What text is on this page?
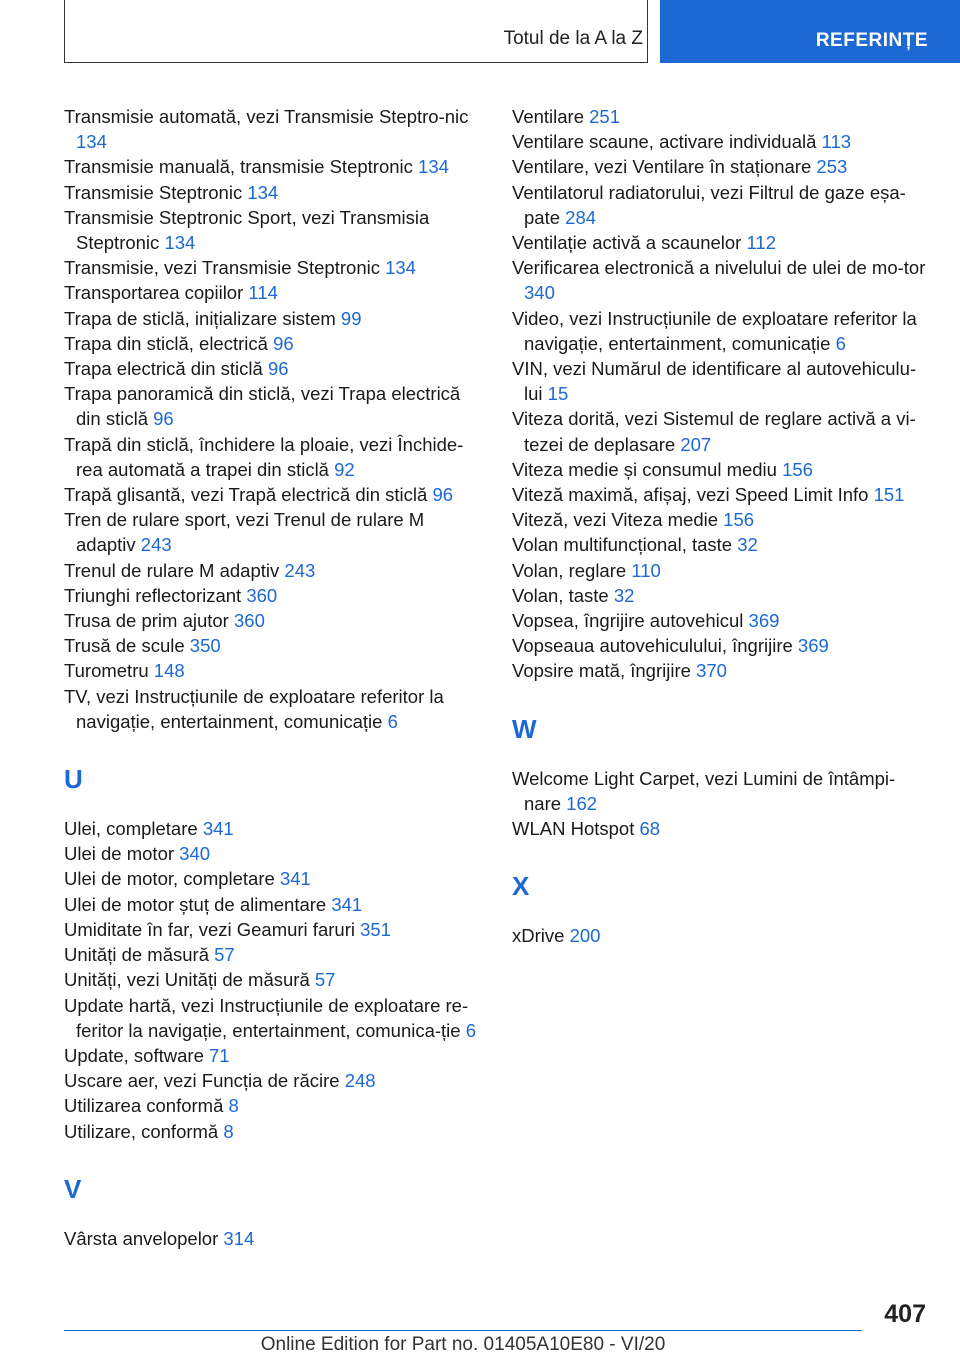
Totul de la A la Z	REFERINȚE
Transmisie automată, vezi Transmisie Steptro‐nic 134
Transmisie manuală, transmisie Steptronic 134
Transmisie Steptronic 134
Transmisie Steptronic Sport, vezi Transmisia Steptronic 134
Transmisie, vezi Transmisie Steptronic 134
Transportarea copiilor 114
Trapa de sticlă, inițializare sistem 99
Trapa din sticlă, electrică 96
Trapa electrică din sticlă 96
Trapa panoramică din sticlă, vezi Trapa electrică din sticlă 96
Trapă din sticlă, închidere la ploaie, vezi Închide‐rea automată a trapei din sticlă 92
Trapă glisantă, vezi Trapă electrică din sticlă 96
Tren de rulare sport, vezi Trenul de rulare M adaptiv 243
Trenul de rulare M adaptiv 243
Triunghi reflectorizant 360
Trusa de prim ajutor 360
Trusă de scule 350
Turometru 148
TV, vezi Instrucțiunile de exploatare referitor la navigație, entertainment, comunicație 6
U
Ulei, completare 341
Ulei de motor 340
Ulei de motor, completare 341
Ulei de motor ștuț de alimentare 341
Umiditate în far, vezi Geamuri faruri 351
Unități de măsură 57
Unități, vezi Unități de măsură 57
Update hartă, vezi Instrucțiunile de exploatare re‐feritor la navigație, entertainment, comunica‐ție 6
Update, software 71
Uscare aer, vezi Funcția de răcire 248
Utilizarea conformă 8
Utilizare, conformă 8
V
Vârsta anvelopelor 314
Ventilare 251
Ventilare scaune, activare individuală 113
Ventilare, vezi Ventilare în staționare 253
Ventilatorul radiatorului, vezi Filtrul de gaze eșa‐pate 284
Ventilație activă a scaunelor 112
Verificarea electronică a nivelului de ulei de mo‐tor 340
Video, vezi Instrucțiunile de exploatare referitor la navigație, entertainment, comunicație 6
VIN, vezi Numărul de identificare al autovehiculu‐lui 15
Viteza dorită, vezi Sistemul de reglare activă a vi‐tezei de deplasare 207
Viteza medie și consumul mediu 156
Viteză maximă, afișaj, vezi Speed Limit Info 151
Viteză, vezi Viteza medie 156
Volan multifuncțional, taste 32
Volan, reglare 110
Volan, taste 32
Vopsea, îngrijire autovehicul 369
Vopseaua autovehiculului, îngrijire 369
Vopsire mată, îngrijire 370
W
Welcome Light Carpet, vezi Lumini de întâmpi‐nare 162
WLAN Hotspot 68
X
xDrive 200
407
Online Edition for Part no. 01405A10E80 - VI/20
